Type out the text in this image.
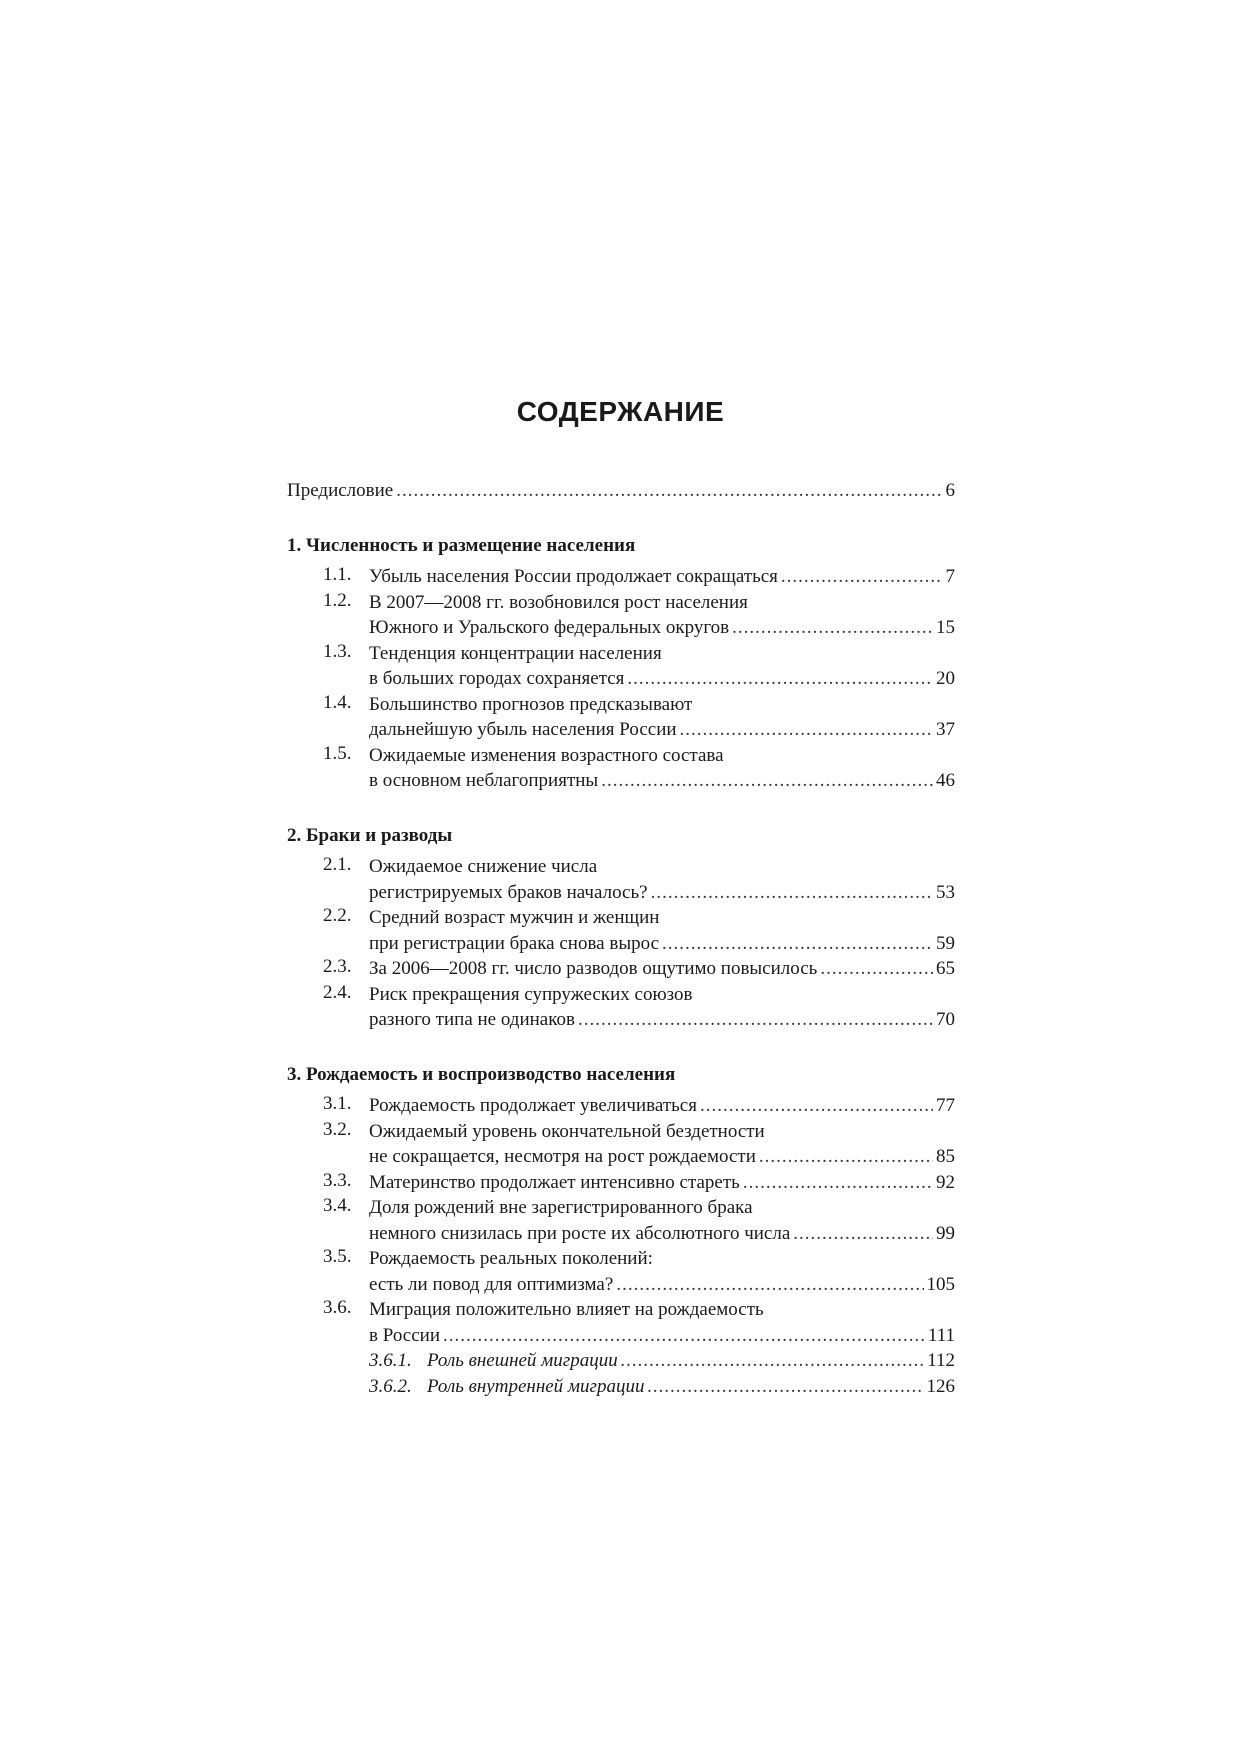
СОДЕРЖАНИЕ
Предисловие .....	6
1. Численность и размещение населения
1.1. Убыль населения России продолжает сокращаться .....	7
1.2. В 2007—2008 гг. возобновился рост населения
Южного и Уральского федеральных округов .....	15
1.3. Тенденция концентрации населения
в больших городах сохраняется .....	20
1.4. Большинство прогнозов предсказывают
дальнейшую убыль населения России .....	37
1.5. Ожидаемые изменения возрастного состава
в основном неблагоприятны .....	46
2. Браки и разводы
2.1. Ожидаемое снижение числа
регистрируемых браков началось? .....	53
2.2. Средний возраст мужчин и женщин
при регистрации брака снова вырос .....	59
2.3. За 2006—2008 гг. число разводов ощутимо повысилось .....	65
2.4. Риск прекращения супружеских союзов
разного типа не одинаков .....	70
3. Рождаемость и воспроизводство населения
3.1. Рождаемость продолжает увеличиваться .....	77
3.2. Ожидаемый уровень окончательной бездетности
не сокращается, несмотря на рост рождаемости .....	85
3.3. Материнство продолжает интенсивно стареть .....	92
3.4. Доля рождений вне зарегистрированного брака
немного снизилась при росте их абсолютного числа .....	99
3.5. Рождаемость реальных поколений:
есть ли повод для оптимизма? .....	105
3.6. Миграция положительно влияет на рождаемость
в России .....	111
3.6.1. Роль внешней миграции .....	112
3.6.2. Роль внутренней миграции .....	126
